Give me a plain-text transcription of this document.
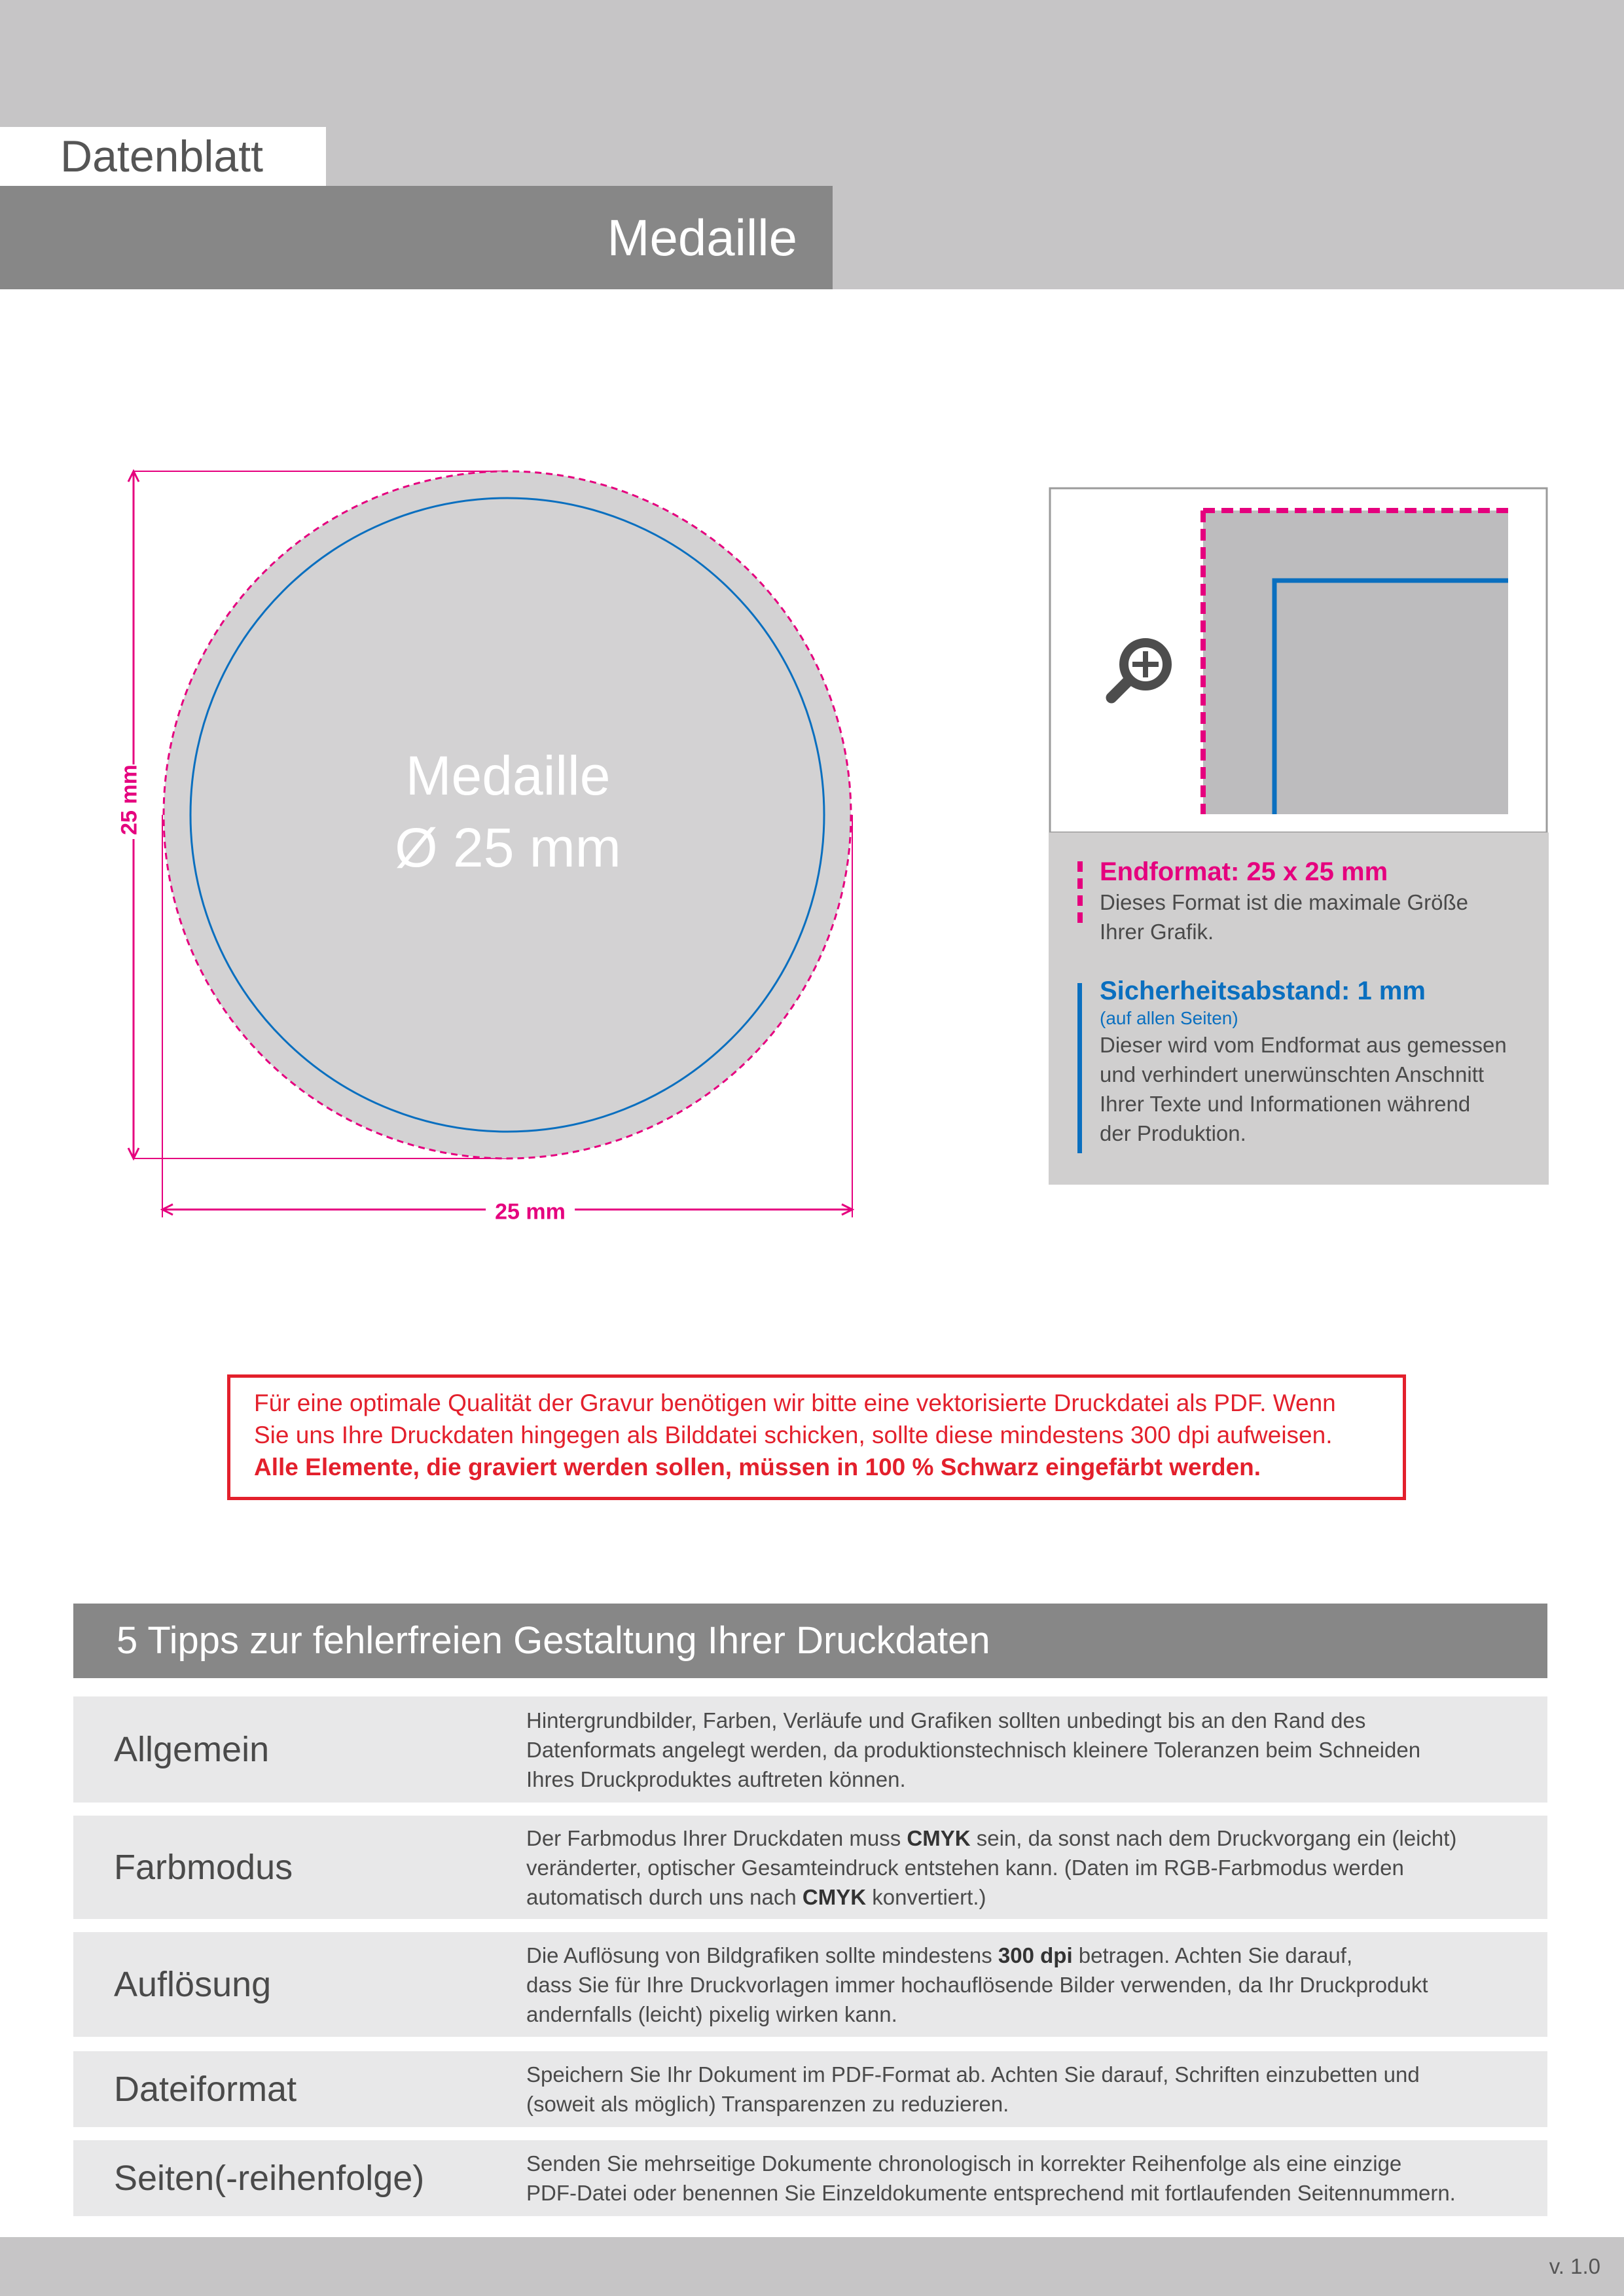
Datenblatt
Medaille
Medaille
Ø 25 mm
25 mm
25 mm
Endformat: 25 x 25 mm
Dieses Format ist die maximale Größe
Ihrer Grafik.
Sicherheitsabstand: 1 mm
(auf allen Seiten)
Dieser wird vom Endformat aus gemessen
und verhindert unerwünschten Anschnitt
Ihrer Texte und Informationen während
der Produktion.
Für eine optimale Qualität der Gravur benötigen wir bitte eine vektorisierte Druckdatei als PDF. Wenn
Sie uns Ihre Druckdaten hingegen als Bilddatei schicken, sollte diese mindestens 300 dpi aufweisen.
Alle Elemente, die graviert werden sollen, müssen in 100 % Schwarz eingefärbt werden.
5 Tipps zur fehlerfreien Gestaltung Ihrer Druckdaten
Allgemein
Hintergrundbilder, Farben, Verläufe und Grafiken sollten unbedingt bis an den Rand des
Datenformats angelegt werden, da produktionstechnisch kleinere Toleranzen beim Schneiden
Ihres Druckproduktes auftreten können.
Farbmodus
Der Farbmodus Ihrer Druckdaten muss CMYK sein, da sonst nach dem Druckvorgang ein (leicht)
veränderter, optischer Gesamteindruck entstehen kann. (Daten im RGB-Farbmodus werden
automatisch durch uns nach CMYK konvertiert.)
Auflösung
Die Auflösung von Bildgrafiken sollte mindestens 300 dpi betragen. Achten Sie darauf,
dass Sie für Ihre Druckvorlagen immer hochauflösende Bilder verwenden, da Ihr Druckprodukt
andernfalls (leicht) pixelig wirken kann.
Dateiformat	Speichern Sie Ihr Dokument im PDF-Format ab. Achten Sie darauf, Schriften einzubetten und
(soweit als möglich) Transparenzen zu reduzieren.
Seiten(-reihenfolge)	Senden Sie mehrseitige Dokumente chronologisch in korrekter Reihenfolge als eine einzige
PDF-Datei oder benennen Sie Einzeldokumente entsprechend mit fortlaufenden Seitennummern.
v. 1.0
